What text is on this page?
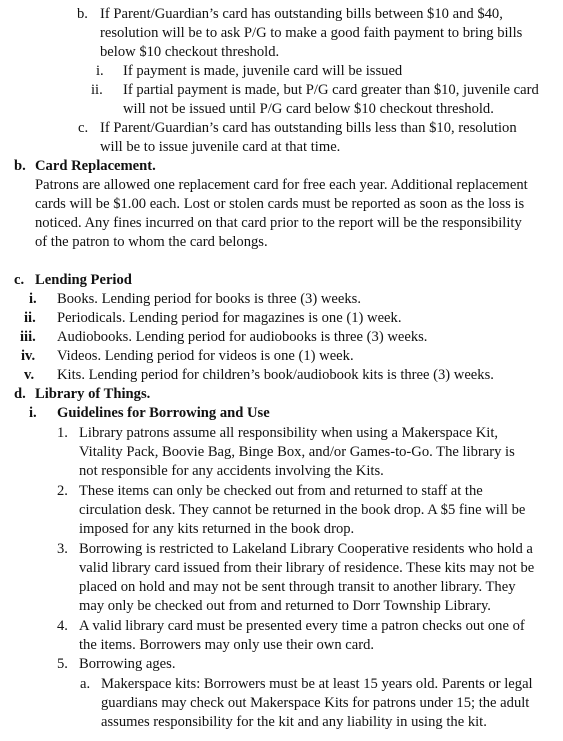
b. If Parent/Guardian’s card has outstanding bills between $10 and $40,
resolution will be to ask P/G to make a good faith payment to bring bills
below $10 checkout threshold.
i. If payment is made, juvenile card will be issued
ii. If partial payment is made, but P/G card greater than $10, juvenile card
will not be issued until P/G card below $10 checkout threshold.
c. If Parent/Guardian’s card has outstanding bills less than $10, resolution
will be to issue juvenile card at that time.
b. Card Replacement.
Patrons are allowed one replacement card for free each year. Additional replacement
cards will be $1.00 each. Lost or stolen cards must be reported as soon as the loss is
noticed. Any fines incurred on that card prior to the report will be the responsibility
of the patron to whom the card belongs.
c. Lending Period
i. Books. Lending period for books is three (3) weeks.
ii. Periodicals. Lending period for magazines is one (1) week.
iii. Audiobooks. Lending period for audiobooks is three (3) weeks.
iv. Videos. Lending period for videos is one (1) week.
v. Kits. Lending period for children’s book/audiobook kits is three (3) weeks.
d. Library of Things.
i. Guidelines for Borrowing and Use
1. Library patrons assume all responsibility when using a Makerspace Kit,
Vitality Pack, Boovie Bag, Binge Box, and/or Games-to-Go. The library is
not responsible for any accidents involving the Kits.
2. These items can only be checked out from and returned to staff at the
circulation desk. They cannot be returned in the book drop. A $5 fine will be
imposed for any kits returned in the book drop.
3. Borrowing is restricted to Lakeland Library Cooperative residents who hold a
valid library card issued from their library of residence. These kits may not be
placed on hold and may not be sent through transit to another library. They
may only be checked out from and returned to Dorr Township Library.
4. A valid library card must be presented every time a patron checks out one of
the items. Borrowers may only use their own card.
5. Borrowing ages.
a. Makerspace kits: Borrowers must be at least 15 years old. Parents or legal
guardians may check out Makerspace Kits for patrons under 15; the adult
assumes responsibility for the kit and any liability in using the kit.
